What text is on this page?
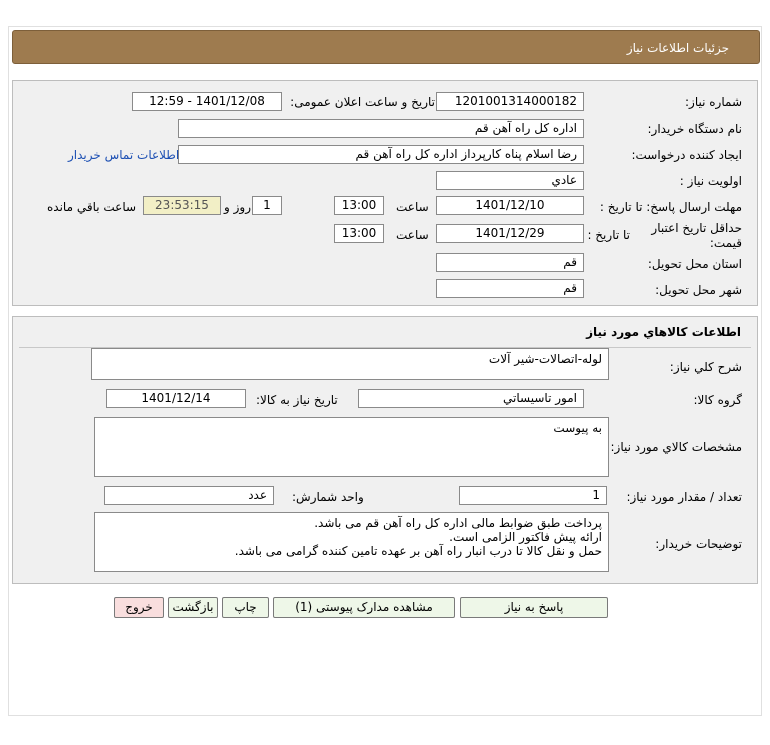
جزئیات اطلاعات نیاز
شماره نیاز:
1201001314000182
تاریخ و ساعت اعلان عمومی:
1401/12/08 - 12:59
نام دستگاه خریدار:
اداره کل راه آهن قم
ایجاد کننده درخواست:
رضا اسلام پناه کارپرداز اداره کل راه آهن قم
اطلاعات تماس خریدار
اولویت نیاز :
عادي
مهلت ارسال پاسخ: تا تاریخ :
1401/12/10
ساعت
13:00
1
روز و
23:53:15
ساعت باقي مانده
حداقل تاریخ اعتبار
قیمت:
تا تاریخ :
1401/12/29
ساعت
13:00
استان محل تحویل:
قم
شهر محل تحویل:
قم
اطلاعات کالاهاي مورد نياز
شرح کلي نياز:
لوله-اتصالات-شير آلات
گروه کالا:
امور تاسيساتي
تاریخ نیاز به کالا:
1401/12/14
مشخصات کالاي مورد نياز:
به پیوست
تعداد / مقدار مورد نیاز:
1
واحد شمارش:
عدد
توضیحات خریدار:
پرداخت طبق ضوابط مالی اداره کل راه آهن قم می باشد.
ارائه پیش فاکتور الزامی است.
حمل و نقل کالا تا درب انبار راه آهن بر عهده تامین کننده گرامی می باشد.
پاسخ به نیاز
مشاهده مدارک پیوستی (1)
چاپ
بازگشت
خروج
